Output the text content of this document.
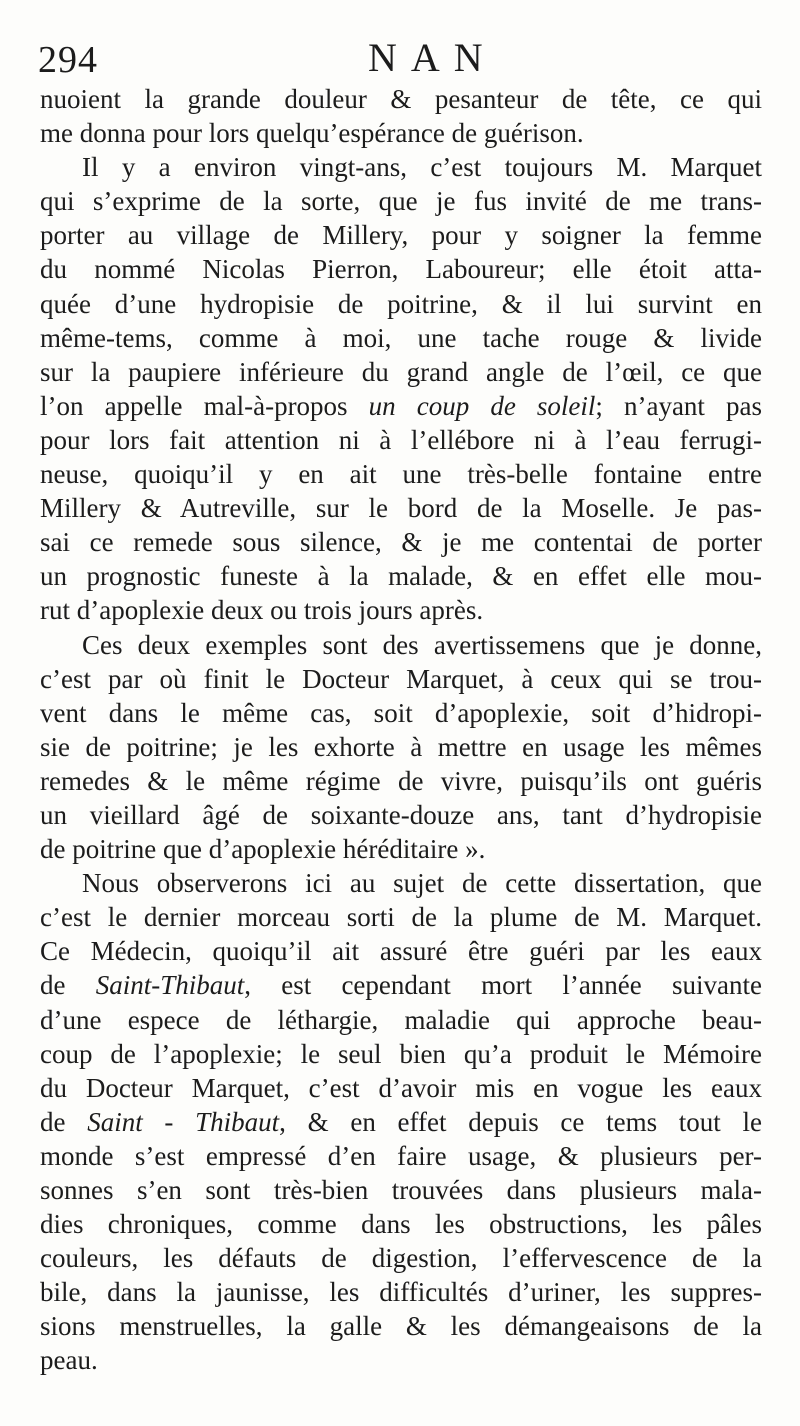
294	NAN
nuoient la grande douleur & pesanteur de tête, ce qui
me donna pour lors quelqu’espérance de guérison.
Il y a environ vingt-ans, c’est toujours M. Marquet
qui s’exprime de la sorte, que je fus invité de me trans-
porter au village de Millery, pour y soigner la femme
du nommé Nicolas Pierron, Laboureur; elle étoit atta-
quée d’une hydropisie de poitrine, & il lui survint en
même-tems, comme à moi, une tache rouge & livide
sur la paupiere inférieure du grand angle de l’œil, ce que
l’on appelle mal-à-propos un coup de soleil; n’ayant pas
pour lors fait attention ni à l’ellébore ni à l’eau ferrugi-
neuse, quoiqu’il y en ait une très-belle fontaine entre
Millery & Autreville, sur le bord de la Moselle. Je pas-
sai ce remede sous silence, & je me contentai de porter
un prognostic funeste à la malade, & en effet elle mou-
rut d’apoplexie deux ou trois jours après.
Ces deux exemples sont des avertissemens que je donne,
c’est par où finit le Docteur Marquet, à ceux qui se trou-
vent dans le même cas, soit d’apoplexie, soit d’hidropi-
sie de poitrine; je les exhorte à mettre en usage les mêmes
remedes & le même régime de vivre, puisqu’ils ont guéris
un vieillard âgé de soixante-douze ans, tant d’hydropisie
de poitrine que d’apoplexie héréditaire ».
Nous observerons ici au sujet de cette dissertation, que
c’est le dernier morceau sorti de la plume de M. Marquet.
Ce Médecin, quoiqu’il ait assuré être guéri par les eaux
de Saint-Thibaut, est cependant mort l’année suivante
d’une espece de léthargie, maladie qui approche beau-
coup de l’apoplexie; le seul bien qu’a produit le Mémoire
du Docteur Marquet, c’est d’avoir mis en vogue les eaux
de Saint - Thibaut, & en effet depuis ce tems tout le
monde s’est empressé d’en faire usage, & plusieurs per-
sonnes s’en sont très-bien trouvées dans plusieurs mala-
dies chroniques, comme dans les obstructions, les pâles
couleurs, les défauts de digestion, l’effervescence de la
bile, dans la jaunisse, les difficultés d’uriner, les suppres-
sions menstruelles, la galle & les démangeaisons de la
peau.
